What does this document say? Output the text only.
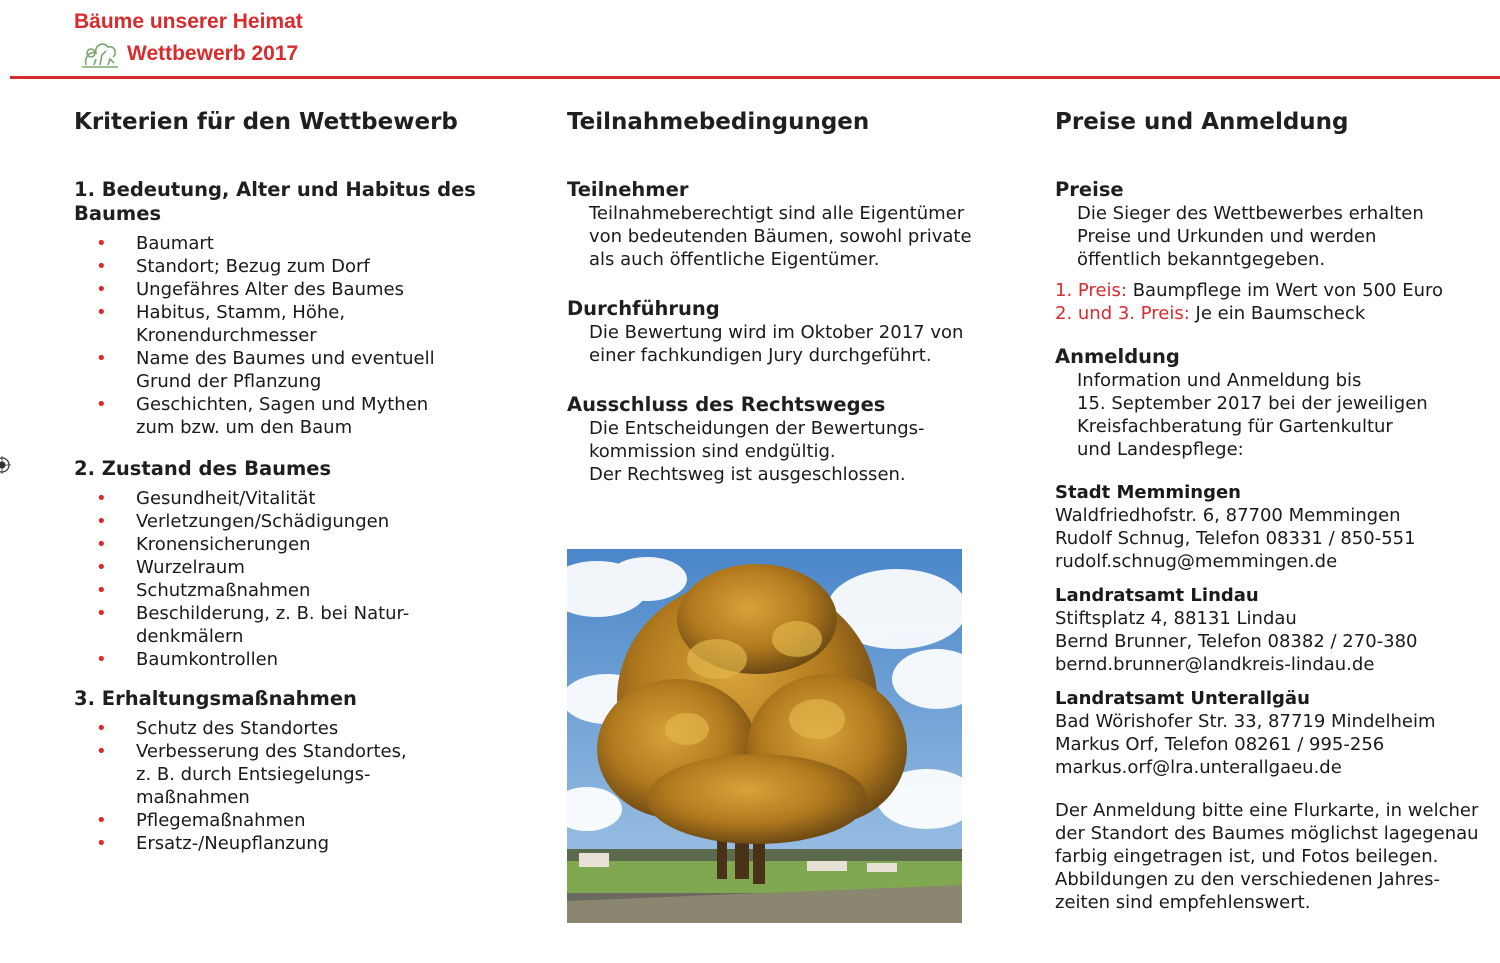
Bäume unserer Heimat
Wettbewerb 2017
Kriterien für den Wettbewerb
1. Bedeutung, Alter und Habitus des Baumes
• Baumart
• Standort; Bezug zum Dorf
• Ungefähres Alter des Baumes
• Habitus, Stamm, Höhe,
Kronendurchmesser
• Name des Baumes und eventuell
Grund der Pflanzung
• Geschichten, Sagen und Mythen
zum bzw. um den Baum
2. Zustand des Baumes
• Gesundheit/Vitalität
• Verletzungen/Schädigungen
• Kronensicherungen
• Wurzelraum
• Schutzmaßnahmen
• Beschilderung, z. B. bei Natur-
denkmälern
• Baumkontrollen
3. Erhaltungsmaßnahmen
• Schutz des Standortes
• Verbesserung des Standortes,
z. B. durch Entsiegelungs-
maßnahmen
• Pflegemaßnahmen
• Ersatz-/Neupflanzung
Teilnahmebedingungen
Teilnehmer
Teilnahmeberechtigt sind alle Eigentümer
von bedeutenden Bäumen, sowohl private
als auch öffentliche Eigentümer.
Durchführung
Die Bewertung wird im Oktober 2017 von
einer fachkundigen Jury durchgeführt.
Ausschluss des Rechtsweges
Die Entscheidungen der Bewertungs-
kommission sind endgültig.
Der Rechtsweg ist ausgeschlossen.
Preise und Anmeldung
Preise
Die Sieger des Wettbewerbes erhalten
Preise und Urkunden und werden
öffentlich bekanntgegeben.
1. Preis: Baumpflege im Wert von 500 Euro
2. und 3. Preis: Je ein Baumscheck
Anmeldung
Information und Anmeldung bis
15. September 2017 bei der jeweiligen
Kreisfachberatung für Gartenkultur
und Landespflege:
Stadt Memmingen
Waldfriedhofstr. 6, 87700 Memmingen
Rudolf Schnug, Telefon 08331 / 850-551
rudolf.schnug@memmingen.de
Landratsamt Lindau
Stiftsplatz 4, 88131 Lindau
Bernd Brunner, Telefon 08382 / 270-380
bernd.brunner@landkreis-lindau.de
Landratsamt Unterallgäu
Bad Wörishofer Str. 33, 87719 Mindelheim
Markus Orf, Telefon 08261 / 995-256
markus.orf@lra.unterallgaeu.de
Der Anmeldung bitte eine Flurkarte, in welcher
der Standort des Baumes möglichst lagegenau
farbig eingetragen ist, und Fotos beilegen.
Abbildungen zu den verschiedenen Jahres-
zeiten sind empfehlenswert.
